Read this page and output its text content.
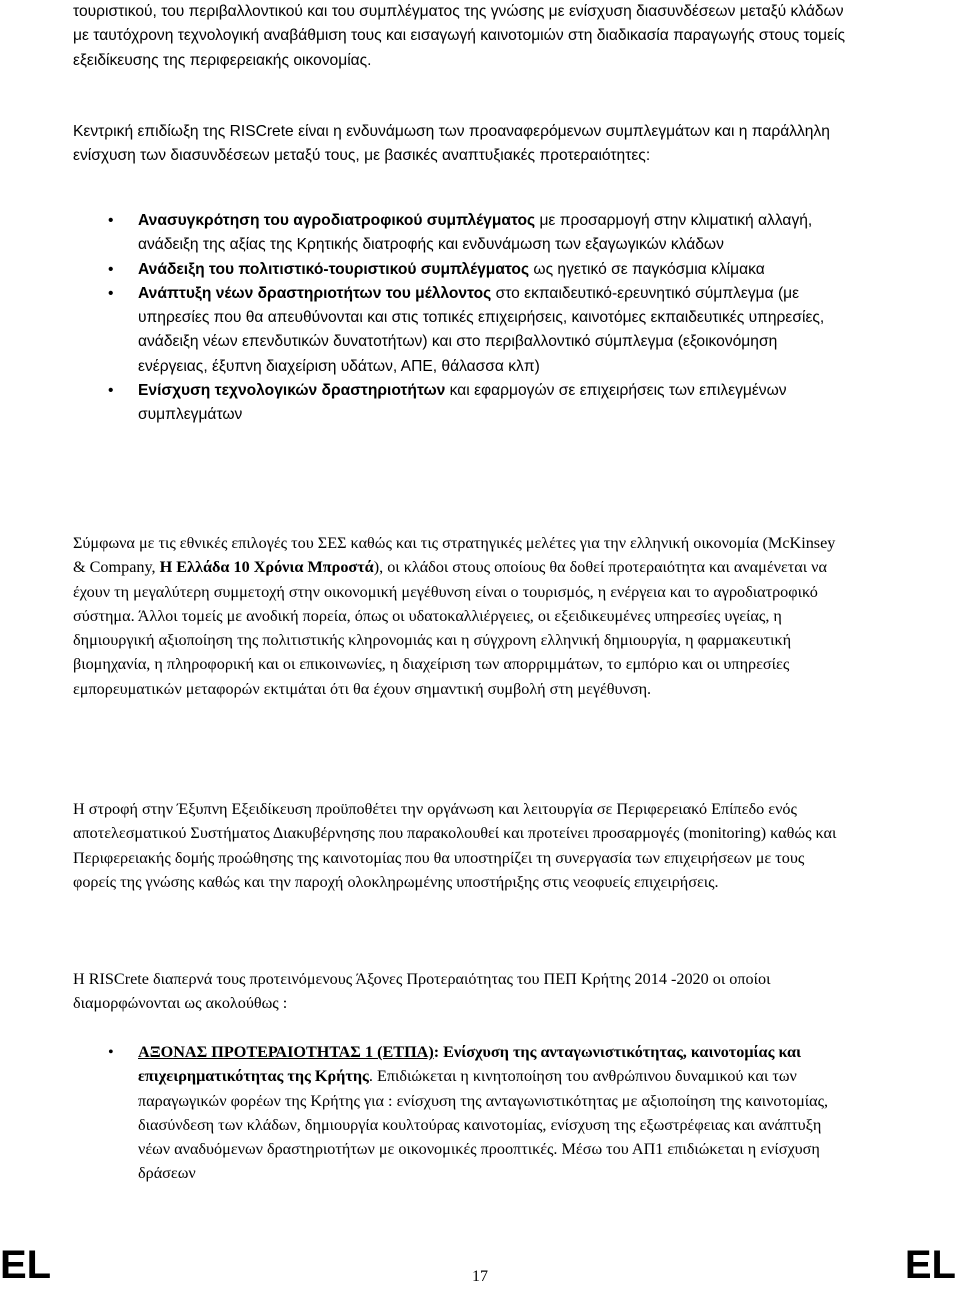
τουριστικού, του περιβαλλοντικού και του συμπλέγματος της γνώσης με ενίσχυση διασυνδέσεων μεταξύ κλάδων με ταυτόχρονη τεχνολογική αναβάθμιση τους και εισαγωγή καινοτομιών στη διαδικασία παραγωγής στους τομείς εξειδίκευσης της περιφερειακής οικονομίας.

Κεντρική επιδίωξη της RISCrete είναι η ενδυνάμωση των προαναφερόμενων συμπλεγμάτων και η παράλληλη ενίσχυση των διασυνδέσεων μεταξύ τους, με βασικές αναπτυξιακές προτεραιότητες:

• Ανασυγκρότηση του αγροδιατροφικού συμπλέγματος με προσαρμογή στην κλιματική αλλαγή, ανάδειξη της αξίας της Κρητικής διατροφής και ενδυνάμωση των εξαγωγικών κλάδων
• Ανάδειξη του πολιτιστικό-τουριστικού συμπλέγματος ως ηγετικό σε παγκόσμια κλίμακα
• Ανάπτυξη νέων δραστηριοτήτων του μέλλοντος στο εκπαιδευτικό-ερευνητικό σύμπλεγμα (με υπηρεσίες που θα απευθύνονται και στις τοπικές επιχειρήσεις, καινοτόμες εκπαιδευτικές υπηρεσίες, ανάδειξη νέων επενδυτικών δυνατοτήτων) και στο περιβαλλοντικό σύμπλεγμα (εξοικονόμηση ενέργειας, έξυπνη διαχείριση υδάτων, ΑΠΕ, θάλασσα κλπ)
• Ενίσχυση τεχνολογικών δραστηριοτήτων και εφαρμογών σε επιχειρήσεις των επιλεγμένων συμπλεγμάτων

Σύμφωνα με τις εθνικές επιλογές του ΣΕΣ καθώς και τις στρατηγικές μελέτες για την ελληνική οικονομία (McKinsey & Company, Η Ελλάδα 10 Χρόνια Μπροστά), οι κλάδοι στους οποίους θα δοθεί προτεραιότητα και αναμένεται να έχουν τη μεγαλύτερη συμμετοχή στην οικονομική μεγέθυνση είναι ο τουρισμός, η ενέργεια και το αγροδιατροφικό σύστημα. Άλλοι τομείς με ανοδική πορεία, όπως οι υδατοκαλλιέργειες, οι εξειδικευμένες υπηρεσίες υγείας, η δημιουργική αξιοποίηση της πολιτιστικής κληρονομιάς και η σύγχρονη ελληνική δημιουργία, η φαρμακευτική βιομηχανία, η πληροφορική και οι επικοινωνίες, η διαχείριση των απορριμμάτων, το εμπόριο και οι υπηρεσίες εμπορευματικών μεταφορών εκτιμάται ότι θα έχουν σημαντική συμβολή στη μεγέθυνση.

Η στροφή στην Έξυπνη Εξειδίκευση προϋποθέτει την οργάνωση και λειτουργία σε Περιφερειακό Επίπεδο ενός αποτελεσματικού Συστήματος Διακυβέρνησης που παρακολουθεί και προτείνει προσαρμογές (monitoring) καθώς και Περιφερειακής δομής προώθησης της καινοτομίας που θα υποστηρίζει τη συνεργασία των επιχειρήσεων με τους φορείς της γνώσης καθώς και την παροχή ολοκληρωμένης υποστήριξης στις νεοφυείς επιχειρήσεις.

Η RISCrete διαπερνά τους προτεινόμενους Άξονες Προτεραιότητας του ΠΕΠ Κρήτης 2014 -2020 οι οποίοι διαμορφώνονται ως ακολούθως :

• ΑΞΟΝΑΣ ΠΡΟΤΕΡΑΙΟΤΗΤΑΣ 1 (ΕΤΠΑ): Ενίσχυση της ανταγωνιστικότητας, καινοτομίας και επιχειρηματικότητας της Κρήτης. Επιδιώκεται η κινητοποίηση του ανθρώπινου δυναμικού και των παραγωγικών φορέων της Κρήτης για : ενίσχυση της ανταγωνιστικότητας με αξιοποίηση της καινοτομίας, διασύνδεση των κλάδων, δημιουργία κουλτούρας καινοτομίας, ενίσχυση της εξωστρέφειας και ανάπτυξη νέων αναδυόμενων δραστηριοτήτων με οικονομικές προοπτικές. Μέσω του ΑΠ1 επιδιώκεται η ενίσχυση δράσεων
EL	17	EL
